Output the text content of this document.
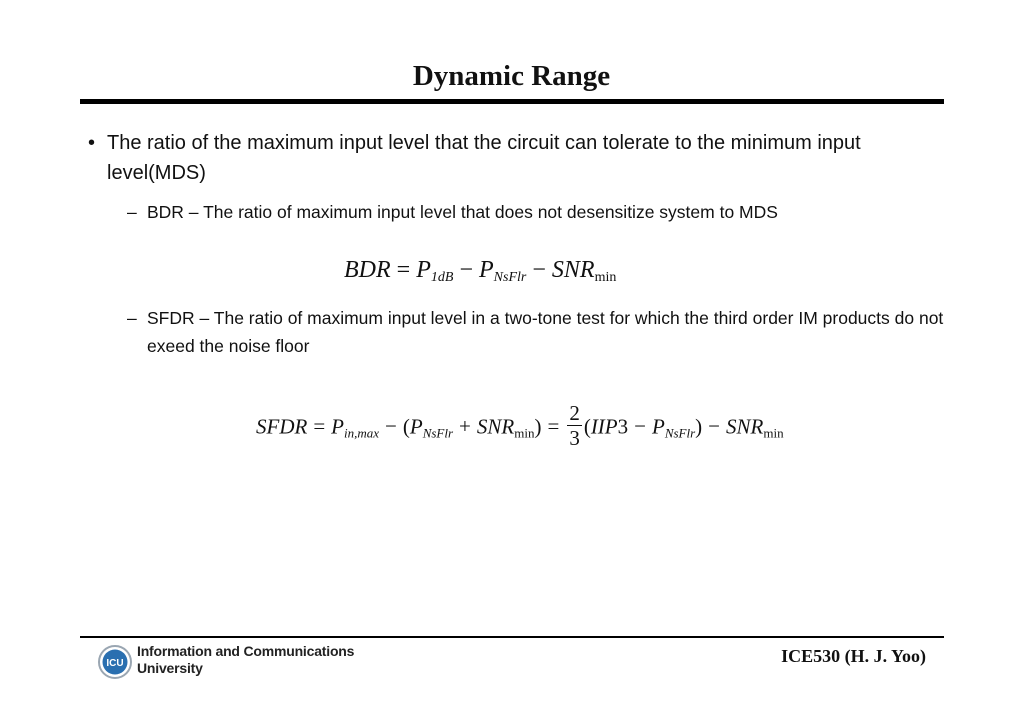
Dynamic Range
• The ratio of the maximum input level that the circuit can tolerate to the minimum input level(MDS)
– BDR – The ratio of maximum input level that does not desensitize system to MDS
BDR = $P_{1dB} - P_{NsFlr} - SNR_{min}$
– SFDR – The ratio of maximum input level in a two-tone test for which the third order IM products do not exeed the noise floor
SFDR = $P_{in,max} - (P_{NsFlr} + SNR_{min}) = \frac{2}{3} (IIP3 - P_{NsFlr}) - SNR_{min}$
ICU
Information and Communications
University
ICE530 (H. J. Yoo)
